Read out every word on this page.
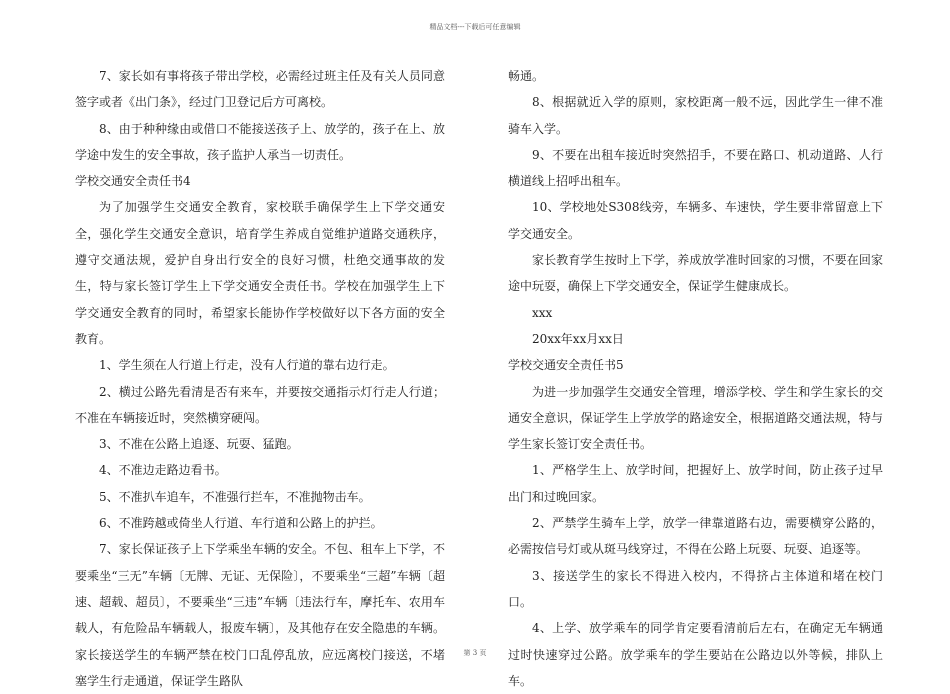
精品文档---下载后可任意编辑

7、家长如有事将孩子带出学校，必需经过班主任及有关人员同意签字或者《出门条》，经过门卫登记后方可离校。

8、由于种种缘由或借口不能接送孩子上、放学的，孩子在上、放学途中发生的安全事故，孩子监护人承当一切责任。

学校交通安全责任书4

为了加强学生交通安全教育，家校联手确保学生上下学交通安全，强化学生交通安全意识，培育学生养成自觉维护道路交通秩序，遵守交通法规，爱护自身出行安全的良好习惯，杜绝交通事故的发生，特与家长签订学生上下学交通安全责任书。学校在加强学生上下学交通安全教育的同时，希望家长能协作学校做好以下各方面的安全教育。

1、学生须在人行道上行走，没有人行道的靠右边行走。

2、横过公路先看清是否有来车，并要按交通指示灯行走人行道；不准在车辆接近时，突然横穿硬闯。

3、不准在公路上追逐、玩耍、猛跑。

4、不准边走路边看书。

5、不准扒车追车，不准强行拦车，不准抛物击车。

6、不准跨越或倚坐人行道、车行道和公路上的护拦。

7、家长保证孩子上下学乘坐车辆的安全。不包、租车上下学，不要乘坐“三无”车辆〔无牌、无证、无保险〕，不要乘坐“三超”车辆〔超速、超载、超员〕，不要乘坐“三违”车辆〔违法行车，摩托车、农用车载人，有危险品车辆载人，报废车辆〕，及其他存在安全隐患的车辆。家长接送学生的车辆严禁在校门口乱停乱放，应远离校门接送，不堵塞学生行走通道，保证学生路队

畅通。

8、根据就近入学的原则，家校距离一般不远，因此学生一律不准骑车入学。

9、不要在出租车接近时突然招手，不要在路口、机动道路、人行横道线上招呼出租车。

10、学校地处S308线旁，车辆多、车速快，学生要非常留意上下学交通安全。

家长教育学生按时上下学，养成放学准时回家的习惯，不要在回家途中玩耍，确保上下学交通安全，保证学生健康成长。

xxx

20xx年xx月xx日

学校交通安全责任书5

为进一步加强学生交通安全管理，增添学校、学生和学生家长的交通安全意识，保证学生上学放学的路途安全，根据道路交通法规，特与学生家长签订安全责任书。

1、严格学生上、放学时间，把握好上、放学时间，防止孩子过早出门和过晚回家。

2、严禁学生骑车上学，放学一律靠道路右边，需要横穿公路的，必需按信号灯或从斑马线穿过，不得在公路上玩耍、玩耍、追逐等。

3、接送学生的家长不得进入校内，不得挤占主体道和堵在校门口。

4、上学、放学乘车的同学肯定要看清前后左右，在确定无车辆通过时快速穿过公路。放学乘车的学生要站在公路边以外等候，排队上车。

第 3 页
